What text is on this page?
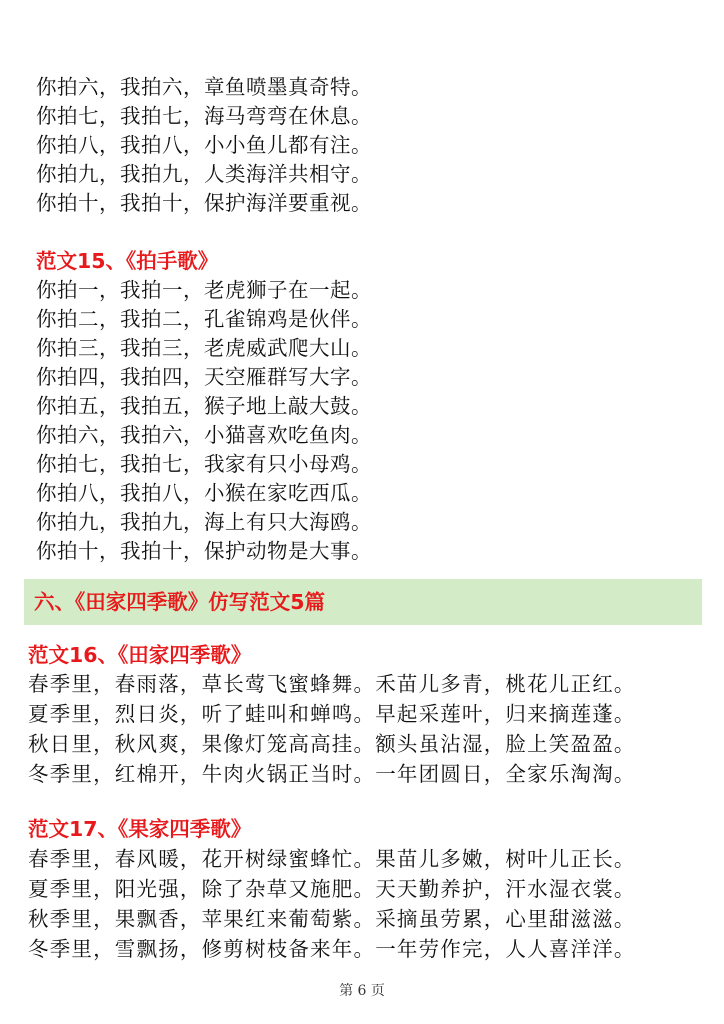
你拍六，我拍六，章鱼喷墨真奇特。
你拍七，我拍七，海马弯弯在休息。
你拍八，我拍八，小小鱼儿都有注。
你拍九，我拍九，人类海洋共相守。
你拍十，我拍十，保护海洋要重视。
范文15、《拍手歌》
你拍一，我拍一，老虎狮子在一起。
你拍二，我拍二，孔雀锦鸡是伙伴。
你拍三，我拍三，老虎威武爬大山。
你拍四，我拍四，天空雁群写大字。
你拍五，我拍五，猴子地上敲大鼓。
你拍六，我拍六，小猫喜欢吃鱼肉。
你拍七，我拍七，我家有只小母鸡。
你拍八，我拍八，小猴在家吃西瓜。
你拍九，我拍九，海上有只大海鸥。
你拍十，我拍十，保护动物是大事。
六、《田家四季歌》仿写范文5篇
范文16、《田家四季歌》
春季里，春雨落，草长莺飞蜜蜂舞。禾苗儿多青，桃花儿正红。
夏季里，烈日炎，听了蛙叫和蝉鸣。早起采莲叶，归来摘莲蓬。
秋日里，秋风爽，果像灯笼高高挂。额头虽沾湿，脸上笑盈盈。
冬季里，红棉开，牛肉火锅正当时。一年团圆日，全家乐淘淘。
范文17、《果家四季歌》
春季里，春风暖，花开树绿蜜蜂忙。果苗儿多嫩，树叶儿正长。
夏季里，阳光强，除了杂草又施肥。天天勤养护，汗水湿衣裳。
秋季里，果飘香，苹果红来葡萄紫。采摘虽劳累，心里甜滋滋。
冬季里，雪飘扬，修剪树枝备来年。一年劳作完，人人喜洋洋。
第 6 页
